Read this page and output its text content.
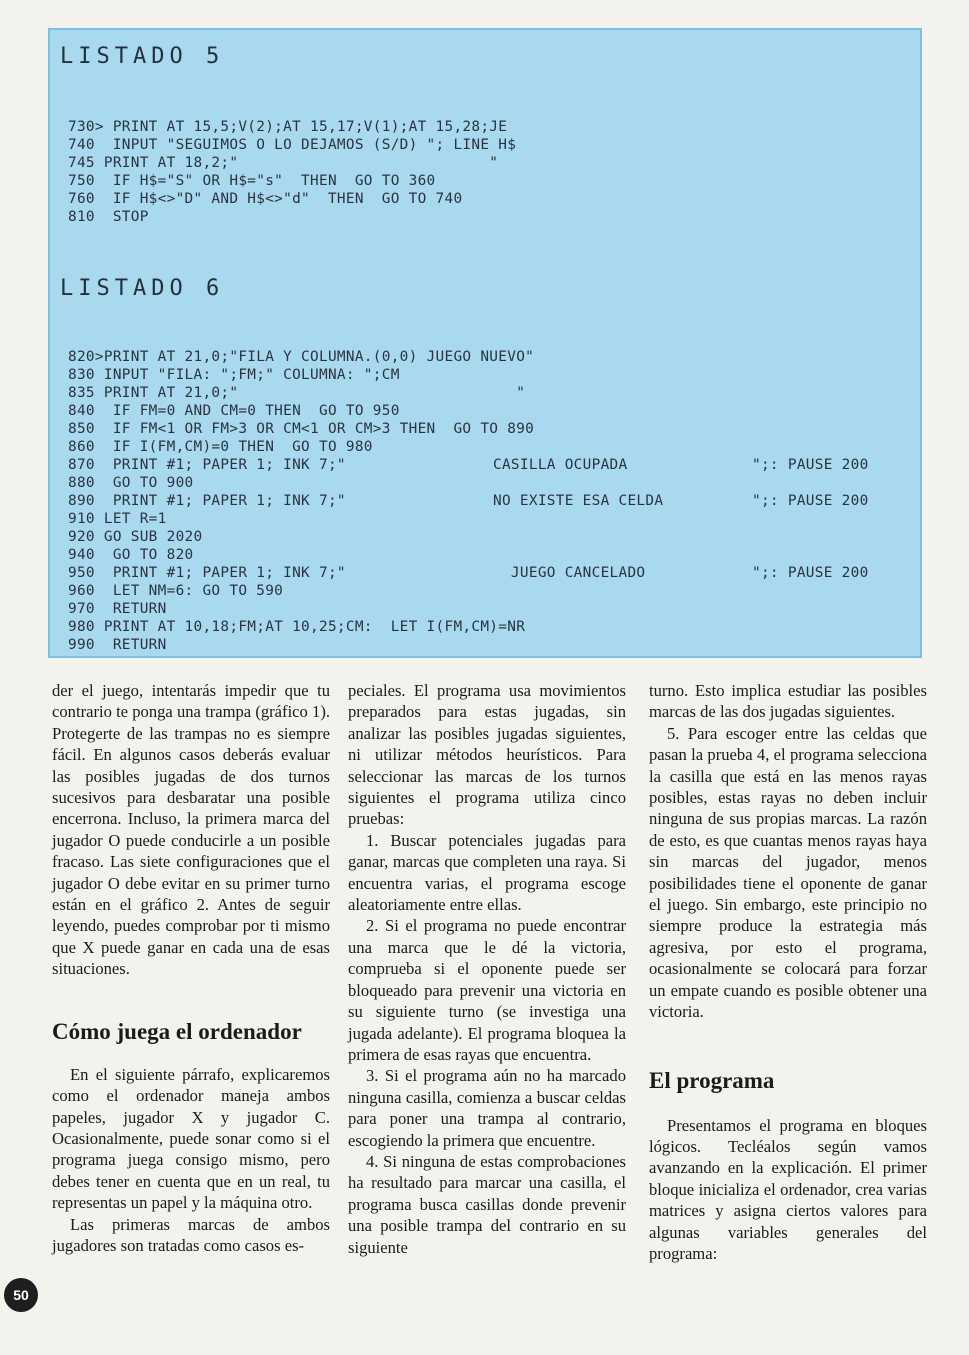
LISTADO 5
730> PRINT AT 15,5;V(2);AT 15,17;V(1);AT 15,28;JE
740  INPUT "SEGUIMOS O LO DEJAMOS (S/D) "; LINE H$
745 PRINT AT 18,2;"                            "
750  IF H$="S" OR H$="s"  THEN  GO TO 360
760  IF H$<>"D" AND H$<>"d"  THEN  GO TO 740
810  STOP
LISTADO 6
820>PRINT AT 21,0;"FILA Y COLUMNA.(0,0) JUEGO NUEVO"
830 INPUT "FILA: ";FM;" COLUMNA: ";CM
835 PRINT AT 21,0;"                               "
840  IF FM=0 AND CM=0 THEN  GO TO 950
850  IF FM<1 OR FM>3 OR CM<1 OR CM>3 THEN  GO TO 890
860  IF I(FM,CM)=0 THEN  GO TO 980
870  PRINT #1; PAPER 1; INK 7;"	CASILLA OCUPADA	";: PAUSE 200
880  GO TO 900
890  PRINT #1; PAPER 1; INK 7;"	NO EXISTE ESA CELDA	";: PAUSE 200
910 LET R=1
920 GO SUB 2020
940  GO TO 820
950  PRINT #1; PAPER 1; INK 7;"	JUEGO CANCELADO	";: PAUSE 200
960  LET NM=6: GO TO 590
970  RETURN
980 PRINT AT 10,18;FM;AT 10,25;CM:  LET I(FM,CM)=NR
990  RETURN

der el juego, intentarás impedir que tu contrario te ponga una trampa (gráfico 1). Protegerte de las trampas no es siempre fácil. En algunos casos deberás evaluar las posibles jugadas de dos turnos sucesivos para desbaratar una posible encerrona. Incluso, la primera marca del jugador O puede conducirle a un posible fracaso. Las siete configuraciones que el jugador O debe evitar en su primer turno están en el gráfico 2. Antes de seguir leyendo, puedes comprobar por ti mismo que X puede ganar en cada una de esas situaciones.

Cómo juega el ordenador

En el siguiente párrafo, explicaremos como el ordenador maneja ambos papeles, jugador X y jugador C. Ocasionalmente, puede sonar como si el programa juega consigo mismo, pero debes tener en cuenta que en un real, tu representas un papel y la máquina otro.

Las primeras marcas de ambos jugadores son tratadas como casos es-

peciales. El programa usa movimientos preparados para estas jugadas, sin analizar las posibles jugadas siguientes, ni utilizar métodos heurísticos. Para seleccionar las marcas de los turnos siguientes el programa utiliza cinco pruebas:

1. Buscar potenciales jugadas para ganar, marcas que completen una raya. Si encuentra varias, el programa escoge aleatoriamente entre ellas.

2. Si el programa no puede encontrar una marca que le dé la victoria, comprueba si el oponente puede ser bloqueado para prevenir una victoria en su siguiente turno (se investiga una jugada adelante). El programa bloquea la primera de esas rayas que encuentra.

3. Si el programa aún no ha marcado ninguna casilla, comienza a buscar celdas para poner una trampa al contrario, escogiendo la primera que encuentre.

4. Si ninguna de estas comprobaciones ha resultado para marcar una casilla, el programa busca casillas donde prevenir una posible trampa del contrario en su siguiente

turno. Esto implica estudiar las posibles marcas de las dos jugadas siguientes.

5. Para escoger entre las celdas que pasan la prueba 4, el programa selecciona la casilla que está en las menos rayas posibles, estas rayas no deben incluir ninguna de sus propias marcas. La razón de esto, es que cuantas menos rayas haya sin marcas del jugador, menos posibilidades tiene el oponente de ganar el juego. Sin embargo, este principio no siempre produce la estrategia más agresiva, por esto el programa, ocasionalmente se colocará para forzar un empate cuando es posible obtener una victoria.

El programa

Presentamos el programa en bloques lógicos. Tecléalos según vamos avanzando en la explicación. El primer bloque inicializa el ordenador, crea varias matrices y asigna ciertos valores para algunas variables generales del programa:

50
